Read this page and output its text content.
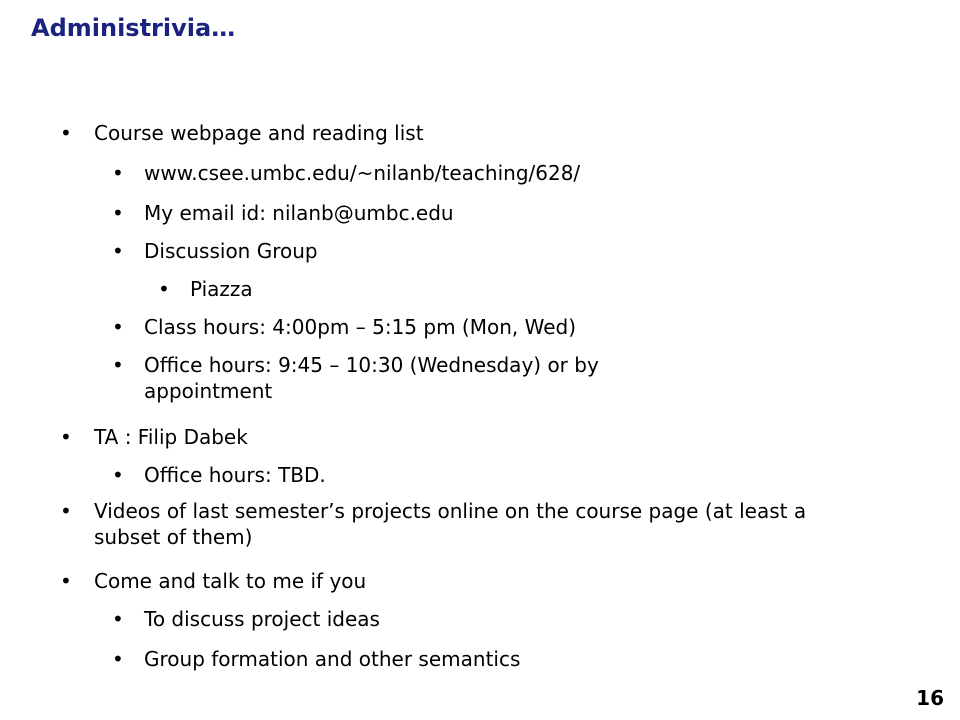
Administrivia…
• Course webpage and reading list
• www.csee.umbc.edu/~nilanb/teaching/628/
• My email id: nilanb@umbc.edu
• Discussion Group
• Piazza
• Class hours: 4:00pm – 5:15 pm (Mon, Wed)
• Office hours: 9:45 – 10:30 (Wednesday) or by appointment
• TA : Filip Dabek
• Office hours: TBD.
• Videos of last semester’s projects online on the course page (at least a subset of them)
• Come and talk to me if you
• To discuss project ideas
• Group formation and other semantics
16
